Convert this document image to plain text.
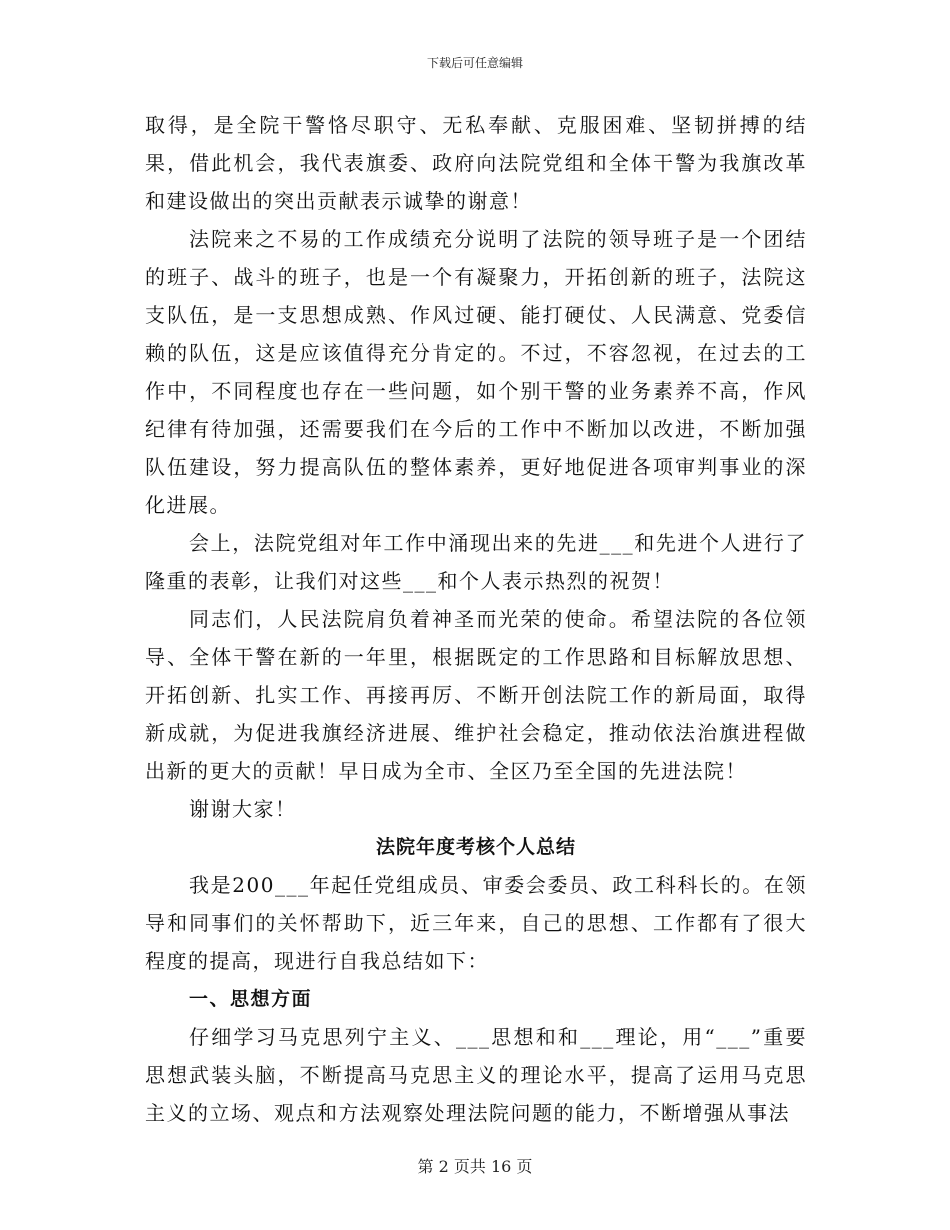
下载后可任意编辑

取得，是全院干警恪尽职守、无私奉献、克服困难、坚韧拼搏的结果，借此机会，我代表旗委、政府向法院党组和全体干警为我旗改革和建设做出的突出贡献表示诚挚的谢意！

法院来之不易的工作成绩充分说明了法院的领导班子是一个团结的班子、战斗的班子，也是一个有凝聚力，开拓创新的班子，法院这支队伍，是一支思想成熟、作风过硬、能打硬仗、人民满意、党委信赖的队伍，这是应该值得充分肯定的。不过，不容忽视，在过去的工作中，不同程度也存在一些问题，如个别干警的业务素养不高，作风纪律有待加强，还需要我们在今后的工作中不断加以改进，不断加强队伍建设，努力提高队伍的整体素养，更好地促进各项审判事业的深化进展。

会上，法院党组对年工作中涌现出来的先进___和先进个人进行了隆重的表彰，让我们对这些___和个人表示热烈的祝贺！

同志们，人民法院肩负着神圣而光荣的使命。希望法院的各位领导、全体干警在新的一年里，根据既定的工作思路和目标解放思想、开拓创新、扎实工作、再接再厉、不断开创法院工作的新局面，取得新成就，为促进我旗经济进展、维护社会稳定，推动依法治旗进程做出新的更大的贡献！早日成为全市、全区乃至全国的先进法院！

谢谢大家！

法院年度考核个人总结

我是200___年起任党组成员、审委会委员、政工科科长的。在领导和同事们的关怀帮助下，近三年来，自己的思想、工作都有了很大程度的提高，现进行自我总结如下：

一、思想方面

仔细学习马克思列宁主义、___思想和和___理论，用“___”重要思想武装头脑，不断提高马克思主义的理论水平，提高了运用马克思主义的立场、观点和方法观察处理法院问题的能力，不断增强从事法

第 2 页共 16 页
